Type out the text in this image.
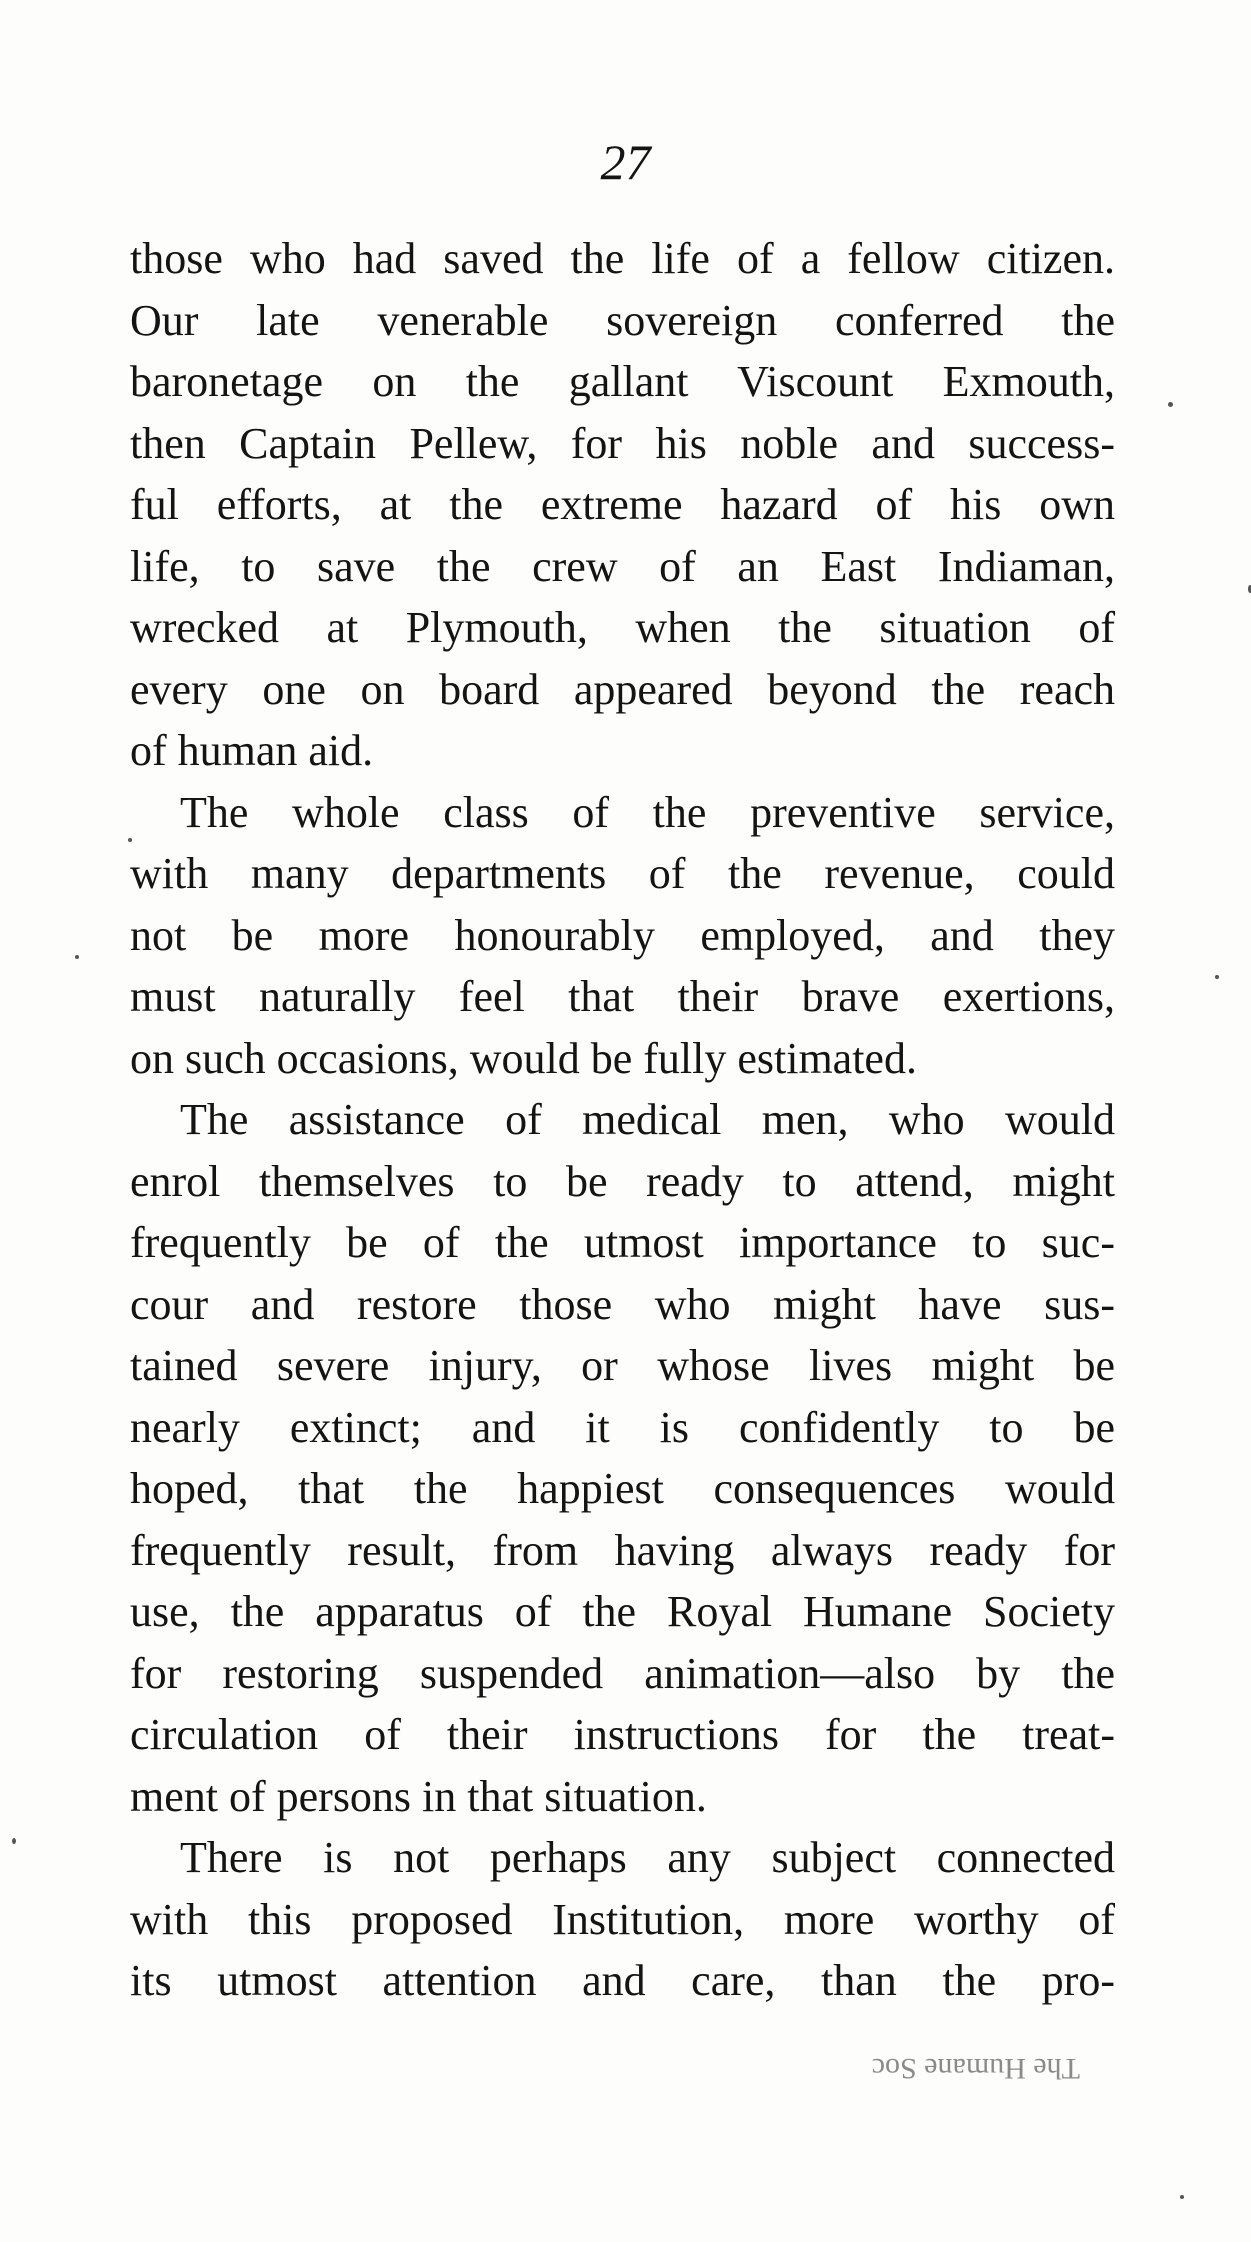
27
those who had saved the life of a fellow citizen.
Our late venerable sovereign conferred the
baronetage on the gallant Viscount Exmouth,
then Captain Pellew, for his noble and success-
ful efforts, at the extreme hazard of his own
life, to save the crew of an East Indiaman,
wrecked at Plymouth, when the situation of
every one on board appeared beyond the reach
of human aid.
The whole class of the preventive service,
with many departments of the revenue, could
not be more honourably employed, and they
must naturally feel that their brave exertions,
on such occasions, would be fully estimated.
The assistance of medical men, who would
enrol themselves to be ready to attend, might
frequently be of the utmost importance to suc-
cour and restore those who might have sus-
tained severe injury, or whose lives might be
nearly extinct; and it is confidently to be
hoped, that the happiest consequences would
frequently result, from having always ready for
use, the apparatus of the Royal Humane Society
for restoring suspended animation—also by the
circulation of their instructions for the treat-
ment of persons in that situation.
There is not perhaps any subject connected
with this proposed Institution, more worthy of
its utmost attention and care, than the pro-
The Humane Soc
